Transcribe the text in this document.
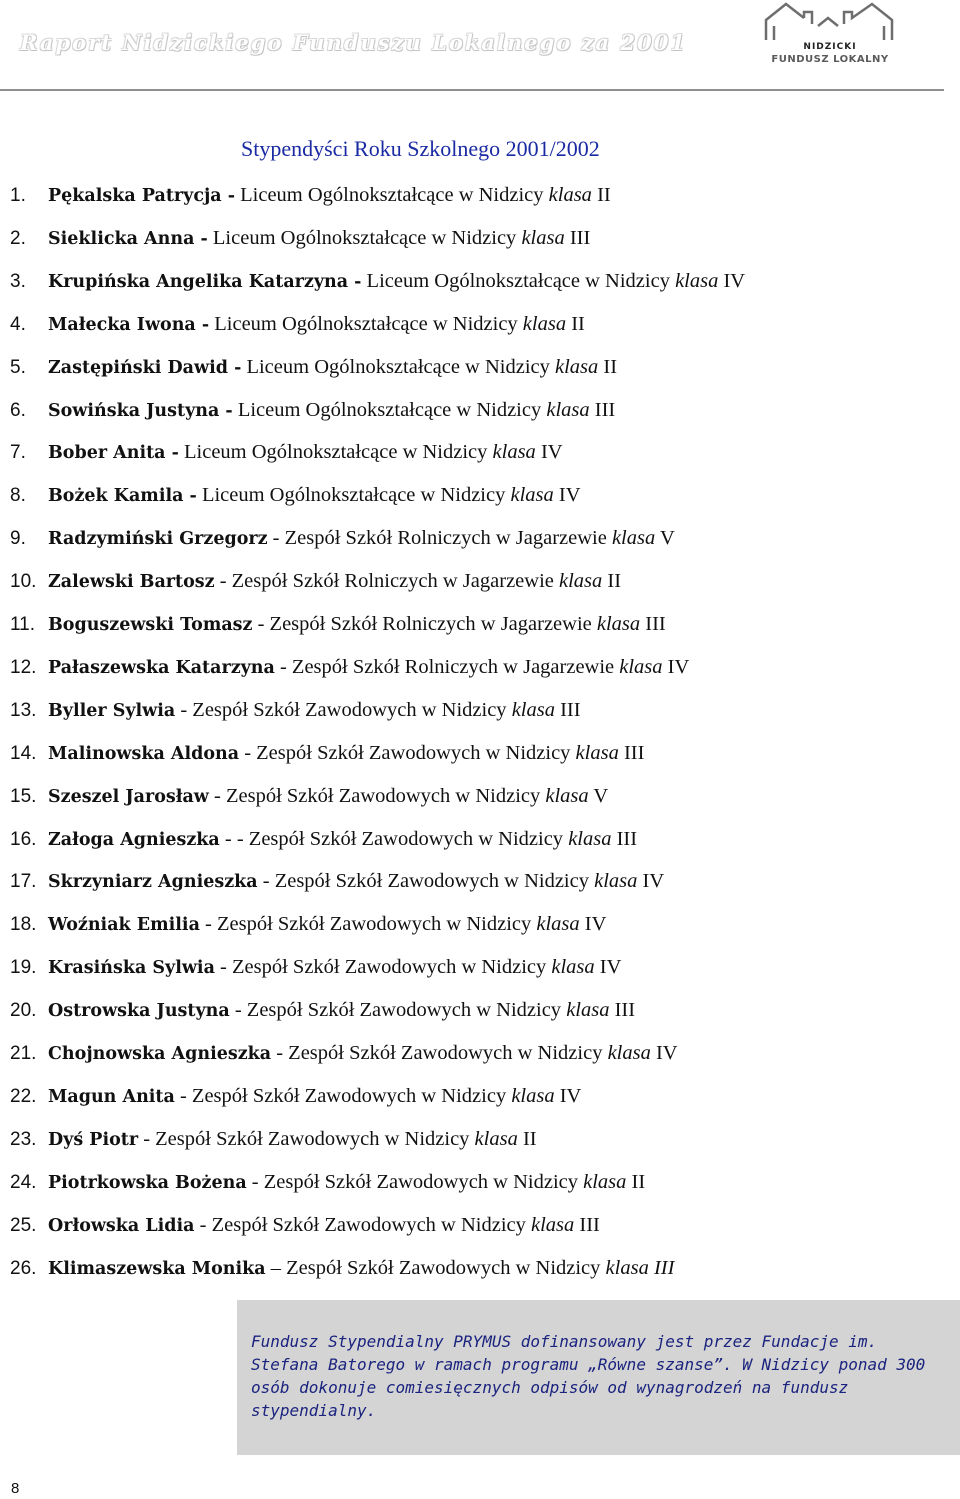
Raport Nidzickiego Funduszu Lokalnego za 2001	NIDZICKI
FUNDUSZ LOKALNY
Stypendyści Roku Szkolnego 2001/2002
1.	Pękalska Patrycja - Liceum Ogólnokształcące w Nidzicy klasa II
2.	Sieklicka Anna - Liceum Ogólnokształcące w Nidzicy klasa III
3.	Krupińska Angelika Katarzyna - Liceum Ogólnokształcące w Nidzicy klasa IV
4.	Małecka Iwona - Liceum Ogólnokształcące w Nidzicy klasa II
5.	Zastępiński Dawid - Liceum Ogólnokształcące w Nidzicy klasa II
6.	Sowińska Justyna - Liceum Ogólnokształcące w Nidzicy klasa III
7.	Bober Anita - Liceum Ogólnokształcące w Nidzicy klasa IV
8.	Bożek Kamila - Liceum Ogólnokształcące w Nidzicy klasa IV
9.	Radzymiński Grzegorz - Zespół Szkół Rolniczych w Jagarzewie klasa V
10. Zalewski Bartosz - Zespół Szkół Rolniczych w Jagarzewie klasa II
11. Boguszewski Tomasz - Zespół Szkół Rolniczych w Jagarzewie klasa III
12. Pałaszewska Katarzyna - Zespół Szkół Rolniczych w Jagarzewie klasa IV
13. Byller Sylwia - Zespół Szkół Zawodowych w Nidzicy klasa III
14. Malinowska Aldona - Zespół Szkół Zawodowych w Nidzicy klasa III
15. Szeszel Jarosław - Zespół Szkół Zawodowych w Nidzicy klasa V
16. Załoga Agnieszka - - Zespół Szkół Zawodowych w Nidzicy klasa III
17. Skrzyniarz Agnieszka - Zespół Szkół Zawodowych w Nidzicy klasa IV
18. Woźniak Emilia - Zespół Szkół Zawodowych w Nidzicy klasa IV
19. Krasińska Sylwia - Zespół Szkół Zawodowych w Nidzicy klasa IV
20. Ostrowska Justyna - Zespół Szkół Zawodowych w Nidzicy klasa III
21. Chojnowska Agnieszka - Zespół Szkół Zawodowych w Nidzicy klasa IV
22. Magun Anita - Zespół Szkół Zawodowych w Nidzicy klasa IV
23. Dyś Piotr - Zespół Szkół Zawodowych w Nidzicy klasa II
24. Piotrkowska Bożena - Zespół Szkół Zawodowych w Nidzicy klasa II
25. Orłowska Lidia - Zespół Szkół Zawodowych w Nidzicy klasa III
26. Klimaszewska Monika – Zespół Szkół Zawodowych w Nidzicy klasa III
Fundusz Stypendialny PRYMUS dofinansowany jest przez Fundacje im. Stefana Batorego w ramach programu „Równe szanse”. W Nidzicy ponad 300 osób dokonuje comiesięcznych odpisów od wynagrodzeń na fundusz stypendialny.
8
